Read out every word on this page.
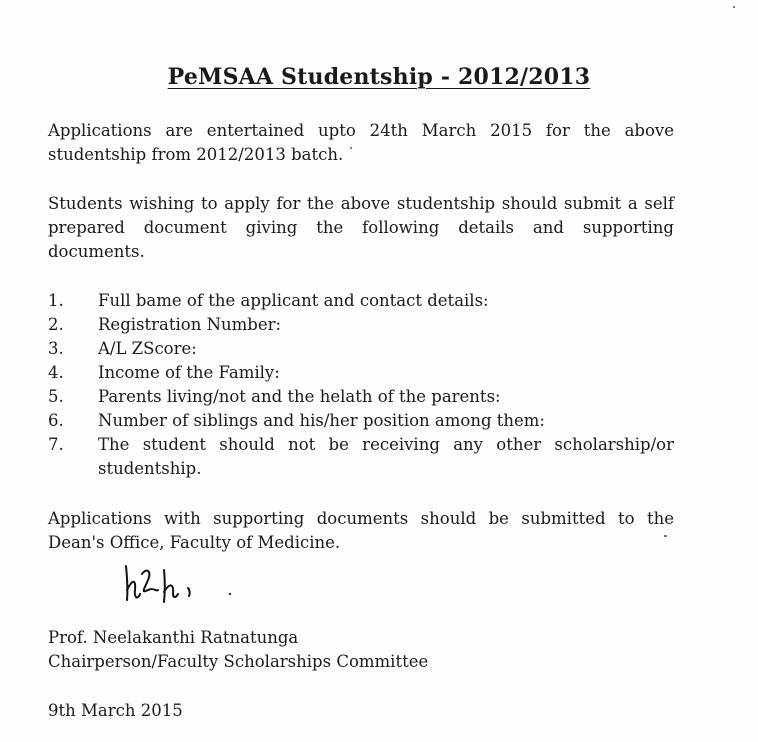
PeMSAA Studentship - 2012/2013
Applications are entertained upto 24th March 2015 for the above studentship from 2012/2013 batch.
Students wishing to apply for the above studentship should submit a self prepared document giving the following details and supporting documents.
1. Full bame of the applicant and contact details:
2. Registration Number:
3. A/L ZScore:
4. Income of the Family:
5. Parents living/not and the helath of the parents:
6. Number of siblings and his/her position among them:
7. The student should not be receiving any other scholarship/or studentship.
Applications with supporting documents should be submitted to the Dean's Office, Faculty of Medicine.
Prof. Neelakanthi Ratnatunga
Chairperson/Faculty Scholarships Committee
9th March 2015
